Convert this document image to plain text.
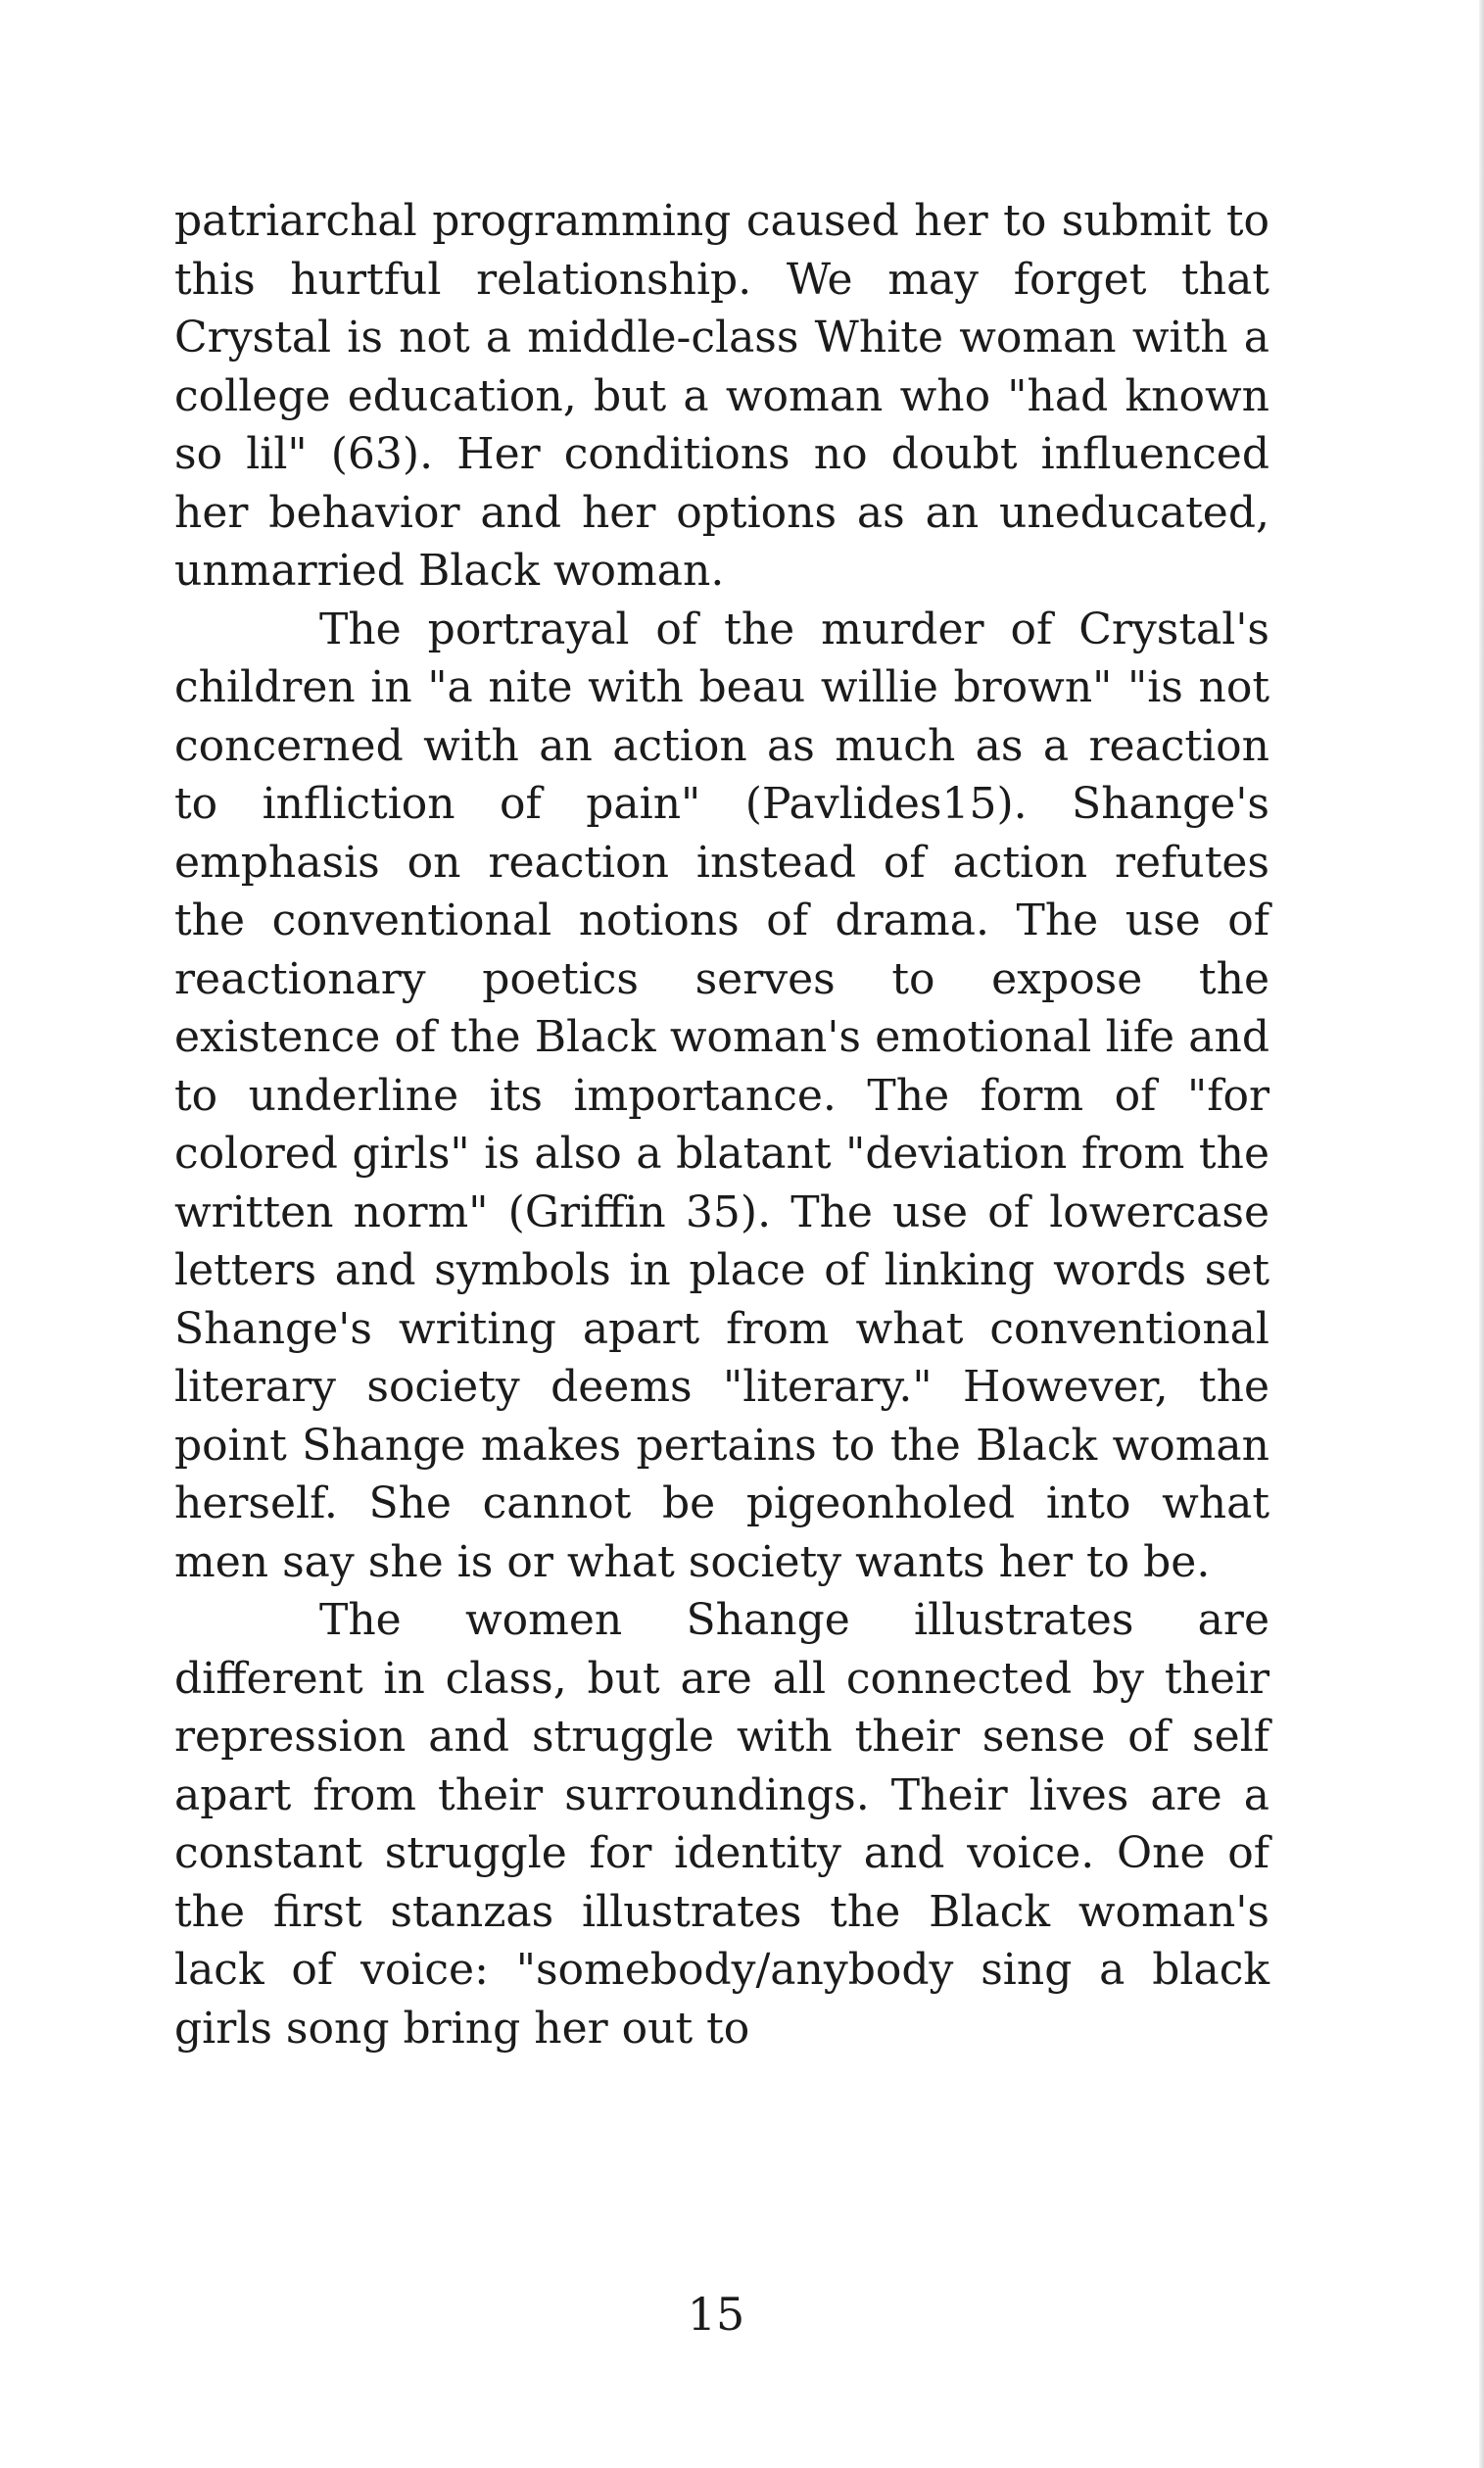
patriarchal programming caused her to submit to this hurtful relationship. We may forget that Crystal is not a middle-class White woman with a college education, but a woman who "had known so lil" (63). Her conditions no doubt influenced her behavior and her options as an uneducated, unmarried Black woman.

The portrayal of the murder of Crystal's children in "a nite with beau willie brown" "is not concerned with an action as much as a reaction to infliction of pain" (Pavlides15). Shange's emphasis on reaction instead of action refutes the conventional notions of drama. The use of reactionary poetics serves to expose the existence of the Black woman's emotional life and to underline its importance. The form of "for colored girls" is also a blatant "deviation from the written norm" (Griffin 35). The use of lowercase letters and symbols in place of linking words set Shange's writing apart from what conventional literary society deems "literary." However, the point Shange makes pertains to the Black woman herself. She cannot be pigeonholed into what men say she is or what society wants her to be.

The women Shange illustrates are different in class, but are all connected by their repression and struggle with their sense of self apart from their surroundings. Their lives are a constant struggle for identity and voice. One of the first stanzas illustrates the Black woman's lack of voice: "somebody/anybody sing a black girls song bring her out to

15
